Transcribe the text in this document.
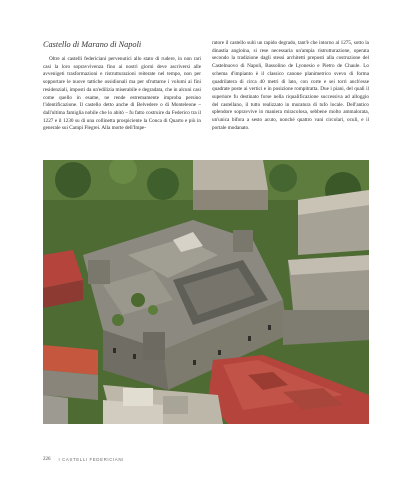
Castello di Marano di Napoli

Oltre ai castelli federiciani pervenutici allo stato di rudere, in non rari casi la loro sopravvivenza fino ai nostri giorni deve ascriversi alle avvenigeti trasformazioni e ristrutturazioni reiterate nel tempo, non per sopportare le nuove tattiche ossidionali ma per sfruttarne i volumi ai fini residenziali, imposti da un'edilizia miserabile e degradata, che in alcuni casi come quello in esame, ne rende estremamente improba persino l'identificazione. Il castello detto anche di Belvedere o di Monteleone – dall'ultima famiglia nobile che lo abitò – fu fatto costruire da Federico tra il 1227 e il 1230 su di una collinetta prospiciente la Conca di Quarto e più in generale sui Campi Flegrei. Alla morte dell'Impe-

ratore il castello subì un rapido degrado, tant'è che intorno al 1275, sotto la dinastia angioina, si rese necessaria un'ampia ristrutturazione, operata secondo la tradizione dagli stessi architetti preposti alla costruzione del Castelnuovo di Napoli, Bassolino de Lyonesio e Pietro de Chaule. Lo schema d'impianto è il classico canone planimetrico svevo di forma quadrilatera di circa 40 metri di lato, con corte e sei torri anch'esse quadrate poste ai vertici e in posizione rompitratta. Due i piani, del quali il superiore fu destinato forse nella riqualificazione successiva ad alloggio del castellano, il tutto realizzato in muratura di tufo locale. Dell'antico splendore sopravvive in maniera miracolosa, sebbene molto ammalorata, un'unica bifora a sesto acuto, nonché quattro vani circolari, oculi, e il portale modanato.

226 I CASTELLI FEDERICIANI
